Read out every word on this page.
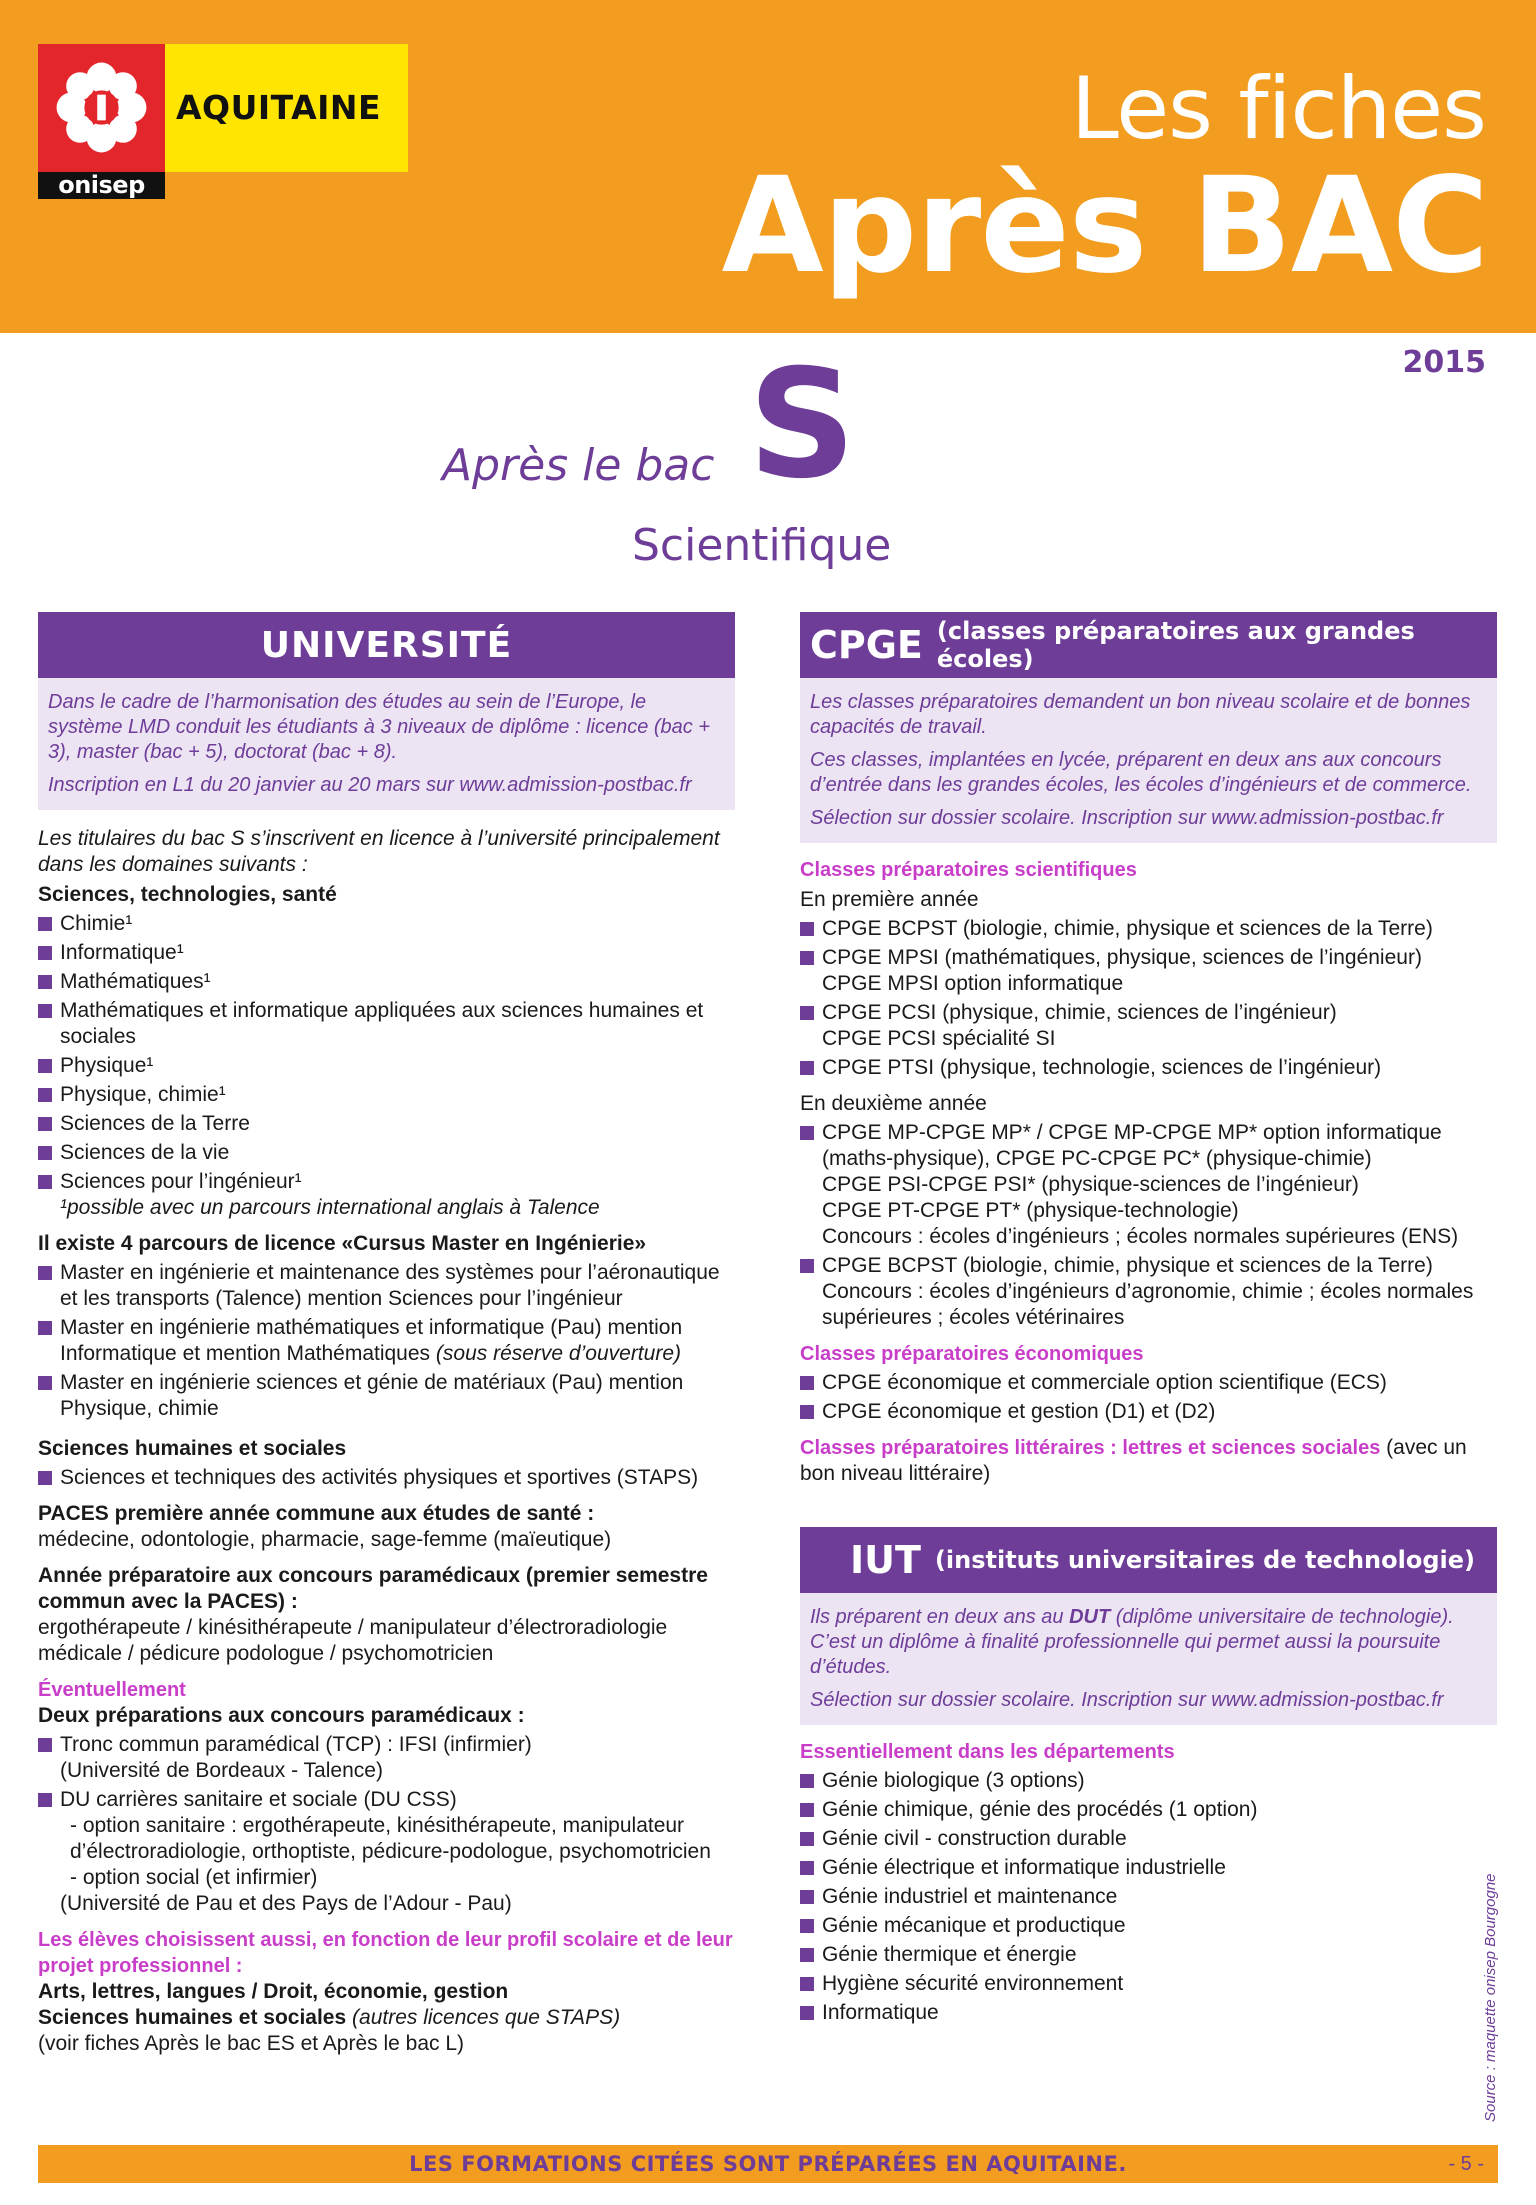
AQUITAINE
onisep
Les fiches
Après BAC
2015
Après le bac S
Scientifique
UNIVERSITÉ

Dans le cadre de l’harmonisation des études au sein de l’Europe, le système LMD conduit les étudiants à 3 niveaux de diplôme : licence (bac + 3), master (bac + 5), doctorat (bac + 8).

Inscription en L1 du 20 janvier au 20 mars sur www.admission-postbac.fr

Les titulaires du bac S s’inscrivent en licence à l’université principalement dans les domaines suivants :
Sciences, technologies, santé
Chimie¹
Informatique¹
Mathématiques¹
Mathématiques et informatique appliquées aux sciences humaines et sociales
Physique¹
Physique, chimie¹
Sciences de la Terre
Sciences de la vie
Sciences pour l’ingénieur¹
¹possible avec un parcours international anglais à Talence
Il existe 4 parcours de licence «Cursus Master en Ingénierie»
Master en ingénierie et maintenance des systèmes pour l’aéronautique et les transports (Talence) mention Sciences pour l’ingénieur
Master en ingénierie mathématiques et informatique (Pau) mention Informatique et mention Mathématiques (sous réserve d’ouverture)
Master en ingénierie sciences et génie de matériaux (Pau) mention Physique, chimie
Sciences humaines et sociales
Sciences et techniques des activités physiques et sportives (STAPS)
PACES première année commune aux études de santé :
médecine, odontologie, pharmacie, sage-femme (maïeutique)
Année préparatoire aux concours paramédicaux (premier semestre commun avec la PACES) :
ergothérapeute / kinésithérapeute / manipulateur d’électroradiologie médicale / pédicure podologue / psychomotricien
Éventuellement
Deux préparations aux concours paramédicaux :
Tronc commun paramédical (TCP) : IFSI (infirmier)
(Université de Bordeaux - Talence)
DU carrières sanitaire et sociale (DU CSS)
- option sanitaire : ergothérapeute, kinésithérapeute, manipulateur d’électroradiologie, orthoptiste, pédicure-podologue, psychomotricien
- option social (et infirmier)
(Université de Pau et des Pays de l’Adour - Pau)
Les élèves choisissent aussi, en fonction de leur profil scolaire et de leur projet professionnel :
Arts, lettres, langues / Droit, économie, gestion
Sciences humaines et sociales (autres licences que STAPS)
(voir fiches Après le bac ES et Après le bac L)
CPGE (classes préparatoires aux grandes écoles)

Les classes préparatoires demandent un bon niveau scolaire et de bonnes capacités de travail.

Ces classes, implantées en lycée, préparent en deux ans aux concours d’entrée dans les grandes écoles, les écoles d’ingénieurs et de commerce.

Sélection sur dossier scolaire. Inscription sur www.admission-postbac.fr

Classes préparatoires scientifiques
En première année
CPGE BCPST (biologie, chimie, physique et sciences de la Terre)
CPGE MPSI (mathématiques, physique, sciences de l’ingénieur)
CPGE MPSI option informatique
CPGE PCSI (physique, chimie, sciences de l’ingénieur)
CPGE PCSI spécialité SI
CPGE PTSI (physique, technologie, sciences de l’ingénieur)
En deuxième année
CPGE MP-CPGE MP* / CPGE MP-CPGE MP* option informatique (maths-physique), CPGE PC-CPGE PC* (physique-chimie)
CPGE PSI-CPGE PSI* (physique-sciences de l’ingénieur)
CPGE PT-CPGE PT* (physique-technologie)
Concours : écoles d’ingénieurs ; écoles normales supérieures (ENS)
CPGE BCPST (biologie, chimie, physique et sciences de la Terre)
Concours : écoles d’ingénieurs d’agronomie, chimie ; écoles normales supérieures ; écoles vétérinaires
Classes préparatoires économiques
CPGE économique et commerciale option scientifique (ECS)
CPGE économique et gestion (D1) et (D2)
Classes préparatoires littéraires : lettres et sciences sociales (avec un bon niveau littéraire)
IUT (instituts universitaires de technologie)

Ils préparent en deux ans au DUT (diplôme universitaire de technologie). C’est un diplôme à finalité professionnelle qui permet aussi la poursuite d’études.

Sélection sur dossier scolaire. Inscription sur www.admission-postbac.fr

Essentiellement dans les départements
Génie biologique (3 options)
Génie chimique, génie des procédés (1 option)
Génie civil - construction durable
Génie électrique et informatique industrielle
Génie industriel et maintenance
Génie mécanique et productique
Génie thermique et énergie
Hygiène sécurité environnement
Informatique	Source : maquette onisep Bourgogne
LES FORMATIONS CITÉES SONT PRÉPARÉES EN AQUITAINE.	- 5 -
